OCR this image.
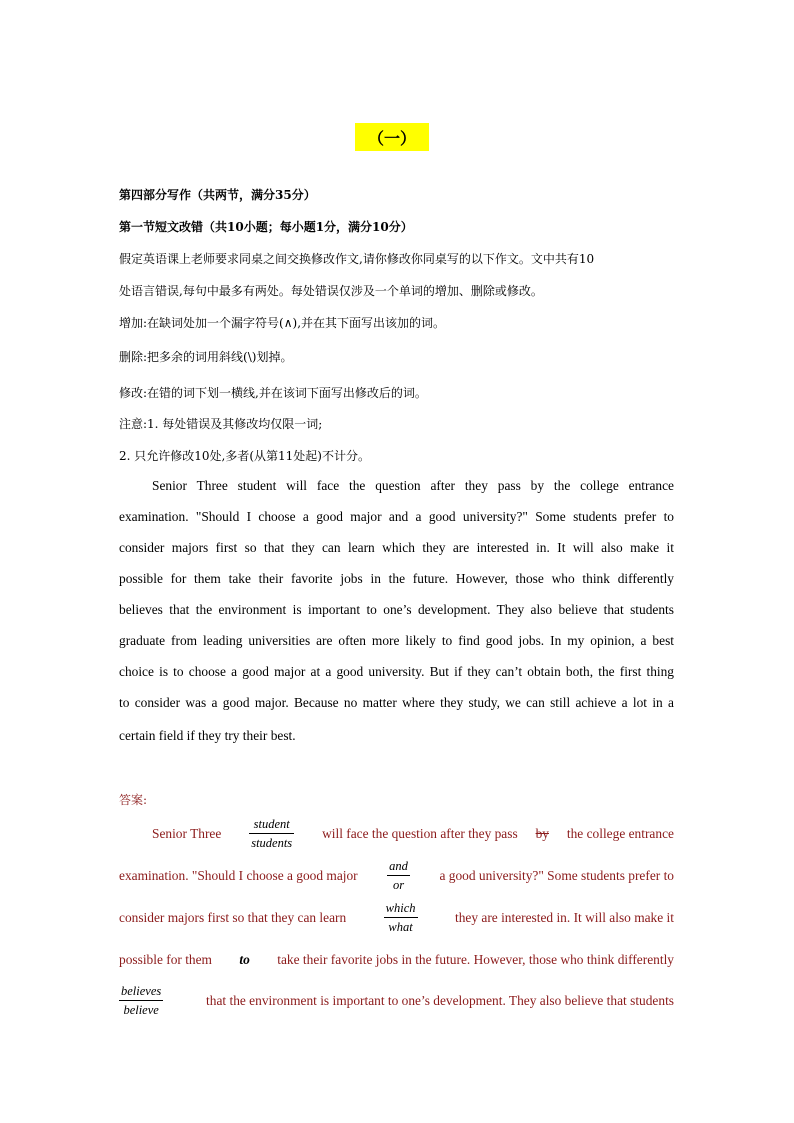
（一）
第四部分写作（共两节，满分35分）
第一节短文改错（共10小题；每小题1分，满分10分）
假定英语课上老师要求同桌之间交换修改作文,请你修改你同桌写的以下作文。文中共有10
处语言错误,每句中最多有两处。每处错误仅涉及一个单词的增加、删除或修改。
增加:在缺词处加一个漏字符号(∧),并在其下面写出该加的词。
删除:把多余的词用斜线(\)划掉。
修改:在错的词下划一横线,并在该词下面写出修改后的词。
注意:1. 每处错误及其修改均仅限一词;
2. 只允许修改10处,多者(从第11处起)不计分。
Senior Three student will face the question after they pass by the college entrance
examination. "Should I choose a good major and a good university?" Some students prefer to
consider majors first so that they can learn which they are interested in. It will also make it
possible for them take their favorite jobs in the future. However, those who think differently
believes that the environment is important to one’s development. They also believe that students
graduate from leading universities are often more likely to find good jobs. In my opinion, a best
choice is to choose a good major at a good university. But if they can’t obtain both, the first thing
to consider was a good major. Because no matter where they study, we can still achieve a lot in a
certain field if they try their best.
答案:
Senior Three $\frac{\text{student}}{\text{students}}$ will face the question after they pass by the college entrance
examination. "Should I choose a good major $\frac{\text{and}}{or}$ a good university?" Some students prefer to
consider majors first so that they can learn	$\frac{\text{which}}{\text{what}}$	they are interested in. It will also make it
possible for them to take their favorite jobs in the future. However, those who think differently
$\frac{\text{believes}}{\text{believe}}$	that the environment is important to one’s development. They also believe that students
